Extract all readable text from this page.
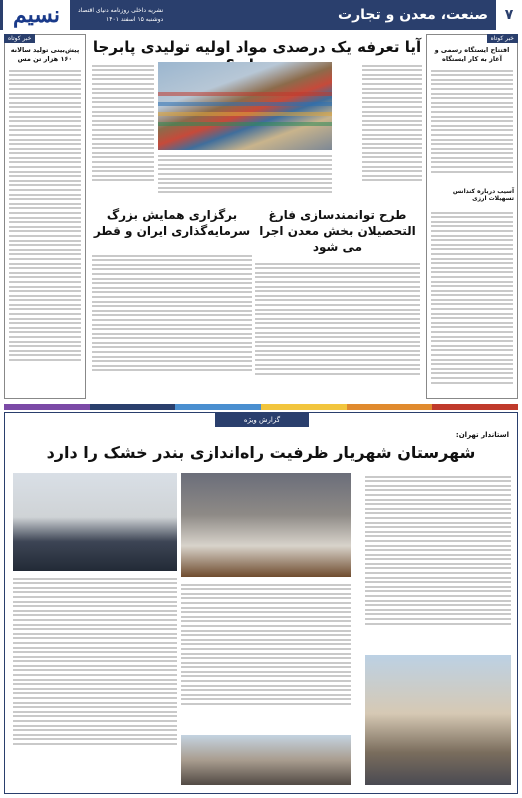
نسیم	نشریه داخلی روزنامه دنیای اقتصاد
دوشنبه ۱۵ اسفند ۱۴۰۱	صنعت، معدن و تجارت	۷
خبر کوتاه
پیش‌بینی تولید سالانه ۱۶۰ هزار تن مس
خبر کوتاه
افتتاح ایستگاه رسمی و آغاز به کار ایستگاه
آسیب درباره کندانس تسهیلات ارزی
آیا تعرفه یک درصدی مواد اولیه تولیدی پابرجا
طرح توانمندسازی فارغ التحصیلان بخش معدن اجرا می شود
برگزاری همایش بزرگ سرمایه‌گذاری ایران و قطر
گزارش ویژه
استاندار تهران:
شهرستان شهریار ظرفیت راه‌اندازی بندر خشک را دارد
